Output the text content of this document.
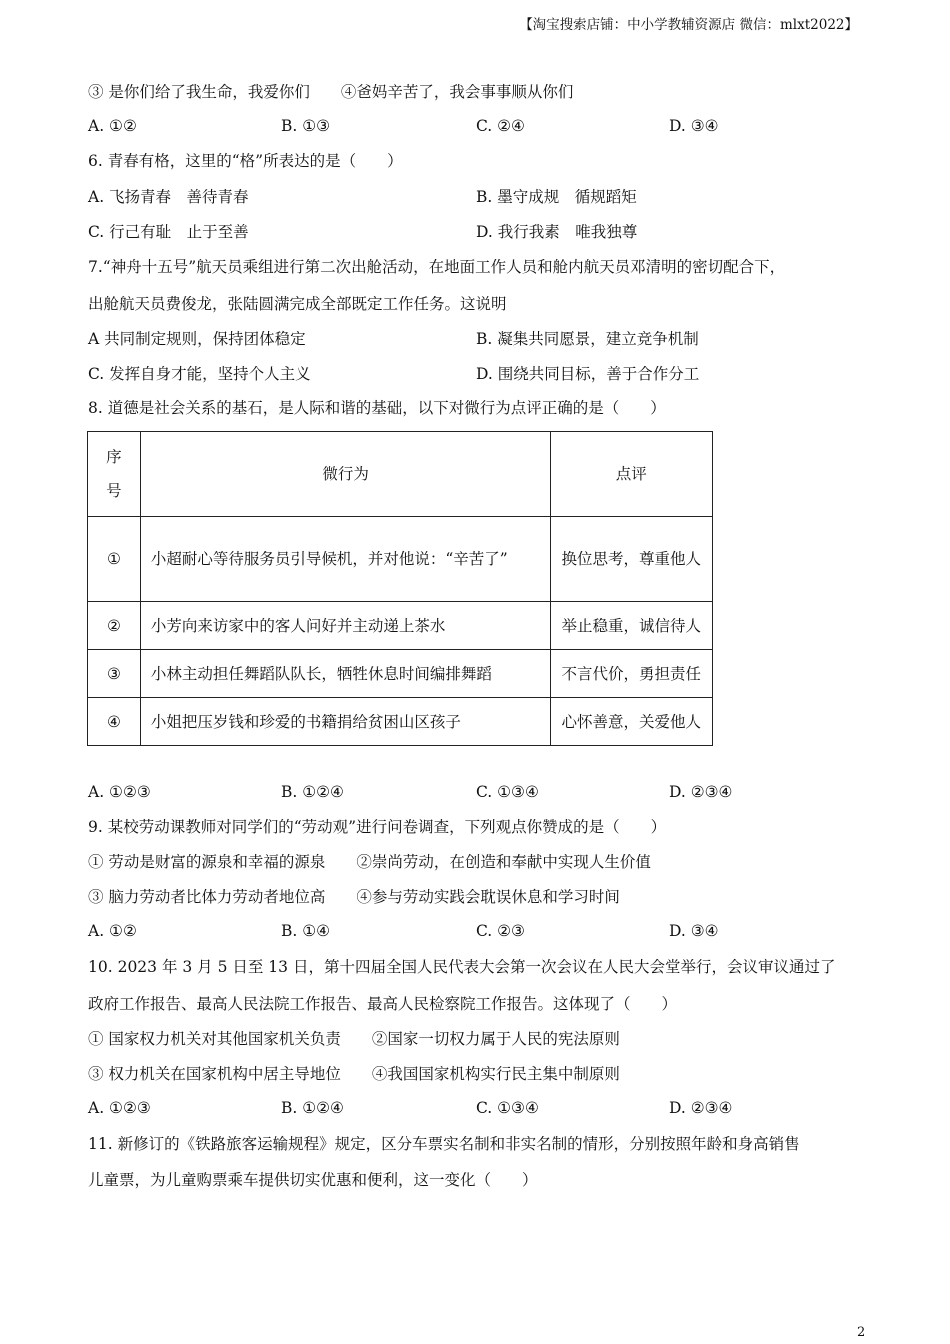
【淘宝搜索店铺：中小学教辅资源店 微信：mlxt2022】
③ 是你们给了我生命，我爱你们　　④爸妈辛苦了，我会事事顺从你们
A. ①②	B. ①③	C. ②④	D. ③④
6. 青春有格，这里的“格”所表达的是（　　）
A. 飞扬青春　善待青春	B. 墨守成规　循规蹈矩
C. 行己有耻　止于至善	D. 我行我素　唯我独尊
7.“神舟十五号”航天员乘组进行第二次出舱活动，在地面工作人员和舱内航天员邓清明的密切配合下，
出舱航天员费俊龙，张陆圆满完成全部既定工作任务。这说明
A 共同制定规则，保持团体稳定	B. 凝集共同愿景，建立竞争机制
C. 发挥自身才能，坚持个人主义	D. 围绕共同目标，善于合作分工
8. 道德是社会关系的基石，是人际和谐的基础，以下对微行为点评正确的是（　　）
序号	微行为	点评
①	小超耐心等待服务员引导候机，并对他说：“辛苦了”	换位思考，尊重他人
②	小芳向来访家中的客人问好并主动递上茶水	举止稳重，诚信待人
③	小林主动担任舞蹈队队长，牺牲休息时间编排舞蹈	不言代价，勇担责任
④	小姐把压岁钱和珍爱的书籍捐给贫困山区孩子	心怀善意，关爱他人
A. ①②③	B. ①②④	C. ①③④	D. ②③④
9. 某校劳动课教师对同学们的“劳动观”进行问卷调查，下列观点你赞成的是（　　）
① 劳动是财富的源泉和幸福的源泉　　②崇尚劳动，在创造和奉献中实现人生价值
③ 脑力劳动者比体力劳动者地位高　　④参与劳动实践会耽误休息和学习时间
A. ①②	B. ①④	C. ②③	D. ③④
10. 2023 年 3 月 5 日至 13 日，第十四届全国人民代表大会第一次会议在人民大会堂举行，会议审议通过了
政府工作报告、最高人民法院工作报告、最高人民检察院工作报告。这体现了（　　）
① 国家权力机关对其他国家机关负责　　②国家一切权力属于人民的宪法原则
③ 权力机关在国家机构中居主导地位　　④我国国家机构实行民主集中制原则
A. ①②③	B. ①②④	C. ①③④	D. ②③④
11. 新修订的《铁路旅客运输规程》规定，区分车票实名制和非实名制的情形，分别按照年龄和身高销售
儿童票，为儿童购票乘车提供切实优惠和便利，这一变化（　　）
2
